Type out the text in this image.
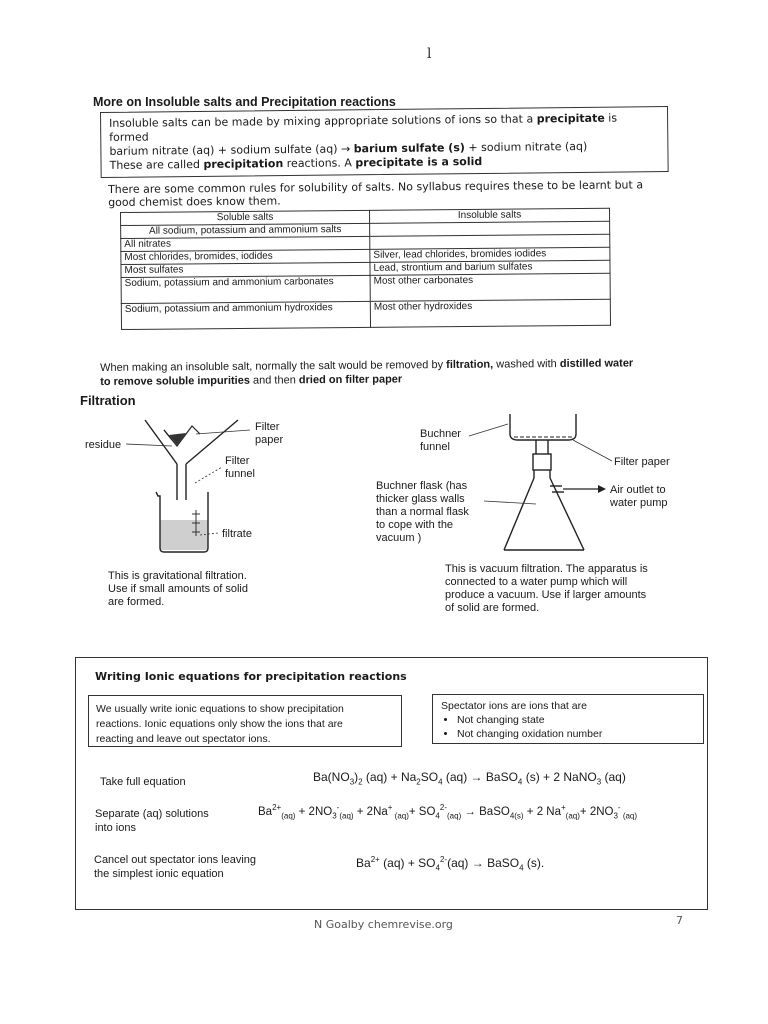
l
More on Insoluble salts and Precipitation reactions
Insoluble salts can be made by mixing appropriate solutions of ions so that a precipitate is formed
barium nitrate (aq) + sodium sulfate (aq) → barium sulfate (s) + sodium nitrate (aq)
These are called precipitation reactions. A precipitate is a solid
There are some common rules for solubility of salts. No syllabus requires these to be learnt but a good chemist does know them.
Soluble salts	Insoluble salts
All sodium, potassium and ammonium salts	
All nitrates	
Most chlorides, bromides, iodides	Silver, lead chlorides, bromides iodides
Most sulfates	Lead, strontium and barium sulfates
Sodium, potassium and ammonium carbonates	Most other carbonates
Sodium, potassium and ammonium hydroxides	Most other hydroxides
When making an insoluble salt, normally the salt would be removed by filtration, washed with distilled water to remove soluble impurities and then dried on filter paper
Filtration
residue
Filter
paper
Filter
funnel
filtrate
This is gravitational filtration.
Use if small amounts of solid
are formed.
Buchner
funnel
Filter paper
Buchner flask (has
thicker glass walls
than a normal flask
to cope with the
vacuum )
Air outlet to
water pump
This is vacuum filtration. The apparatus is
connected to a water pump which will
produce a vacuum. Use if larger amounts
of solid are formed.
Writing Ionic equations for precipitation reactions
We usually write ionic equations to show precipitation
reactions. Ionic equations only show the ions that are
reacting and leave out spectator ions.
Spectator ions are ions that are
• Not changing state
• Not changing oxidation number
Take full equation
Separate (aq) solutions
into ions
Cancel out spectator ions leaving
the simplest ionic equation
$Ba(NO_3)_2$ $(aq) + Na_2SO_4$ (aq) → BaSO$_4$ (s) + 2 NaNO$_3$ (aq)
$Ba^{2+}_{(aq)} + 2NO_3^-_{(aq)} + 2Na^+$ $_{(aq)}+ SO_4^{2-}_{(aq)}$ → BaSO$_{4(s)}$ + 2 $Na^+_{(aq)}+ 2NO_3^-$ $_{(aq)}$
$Ba^{2+}$ $(aq) + SO_4^{2-}(aq)$ → BaSO$_4$ (s).
N Goalby chemrevise.org	7
